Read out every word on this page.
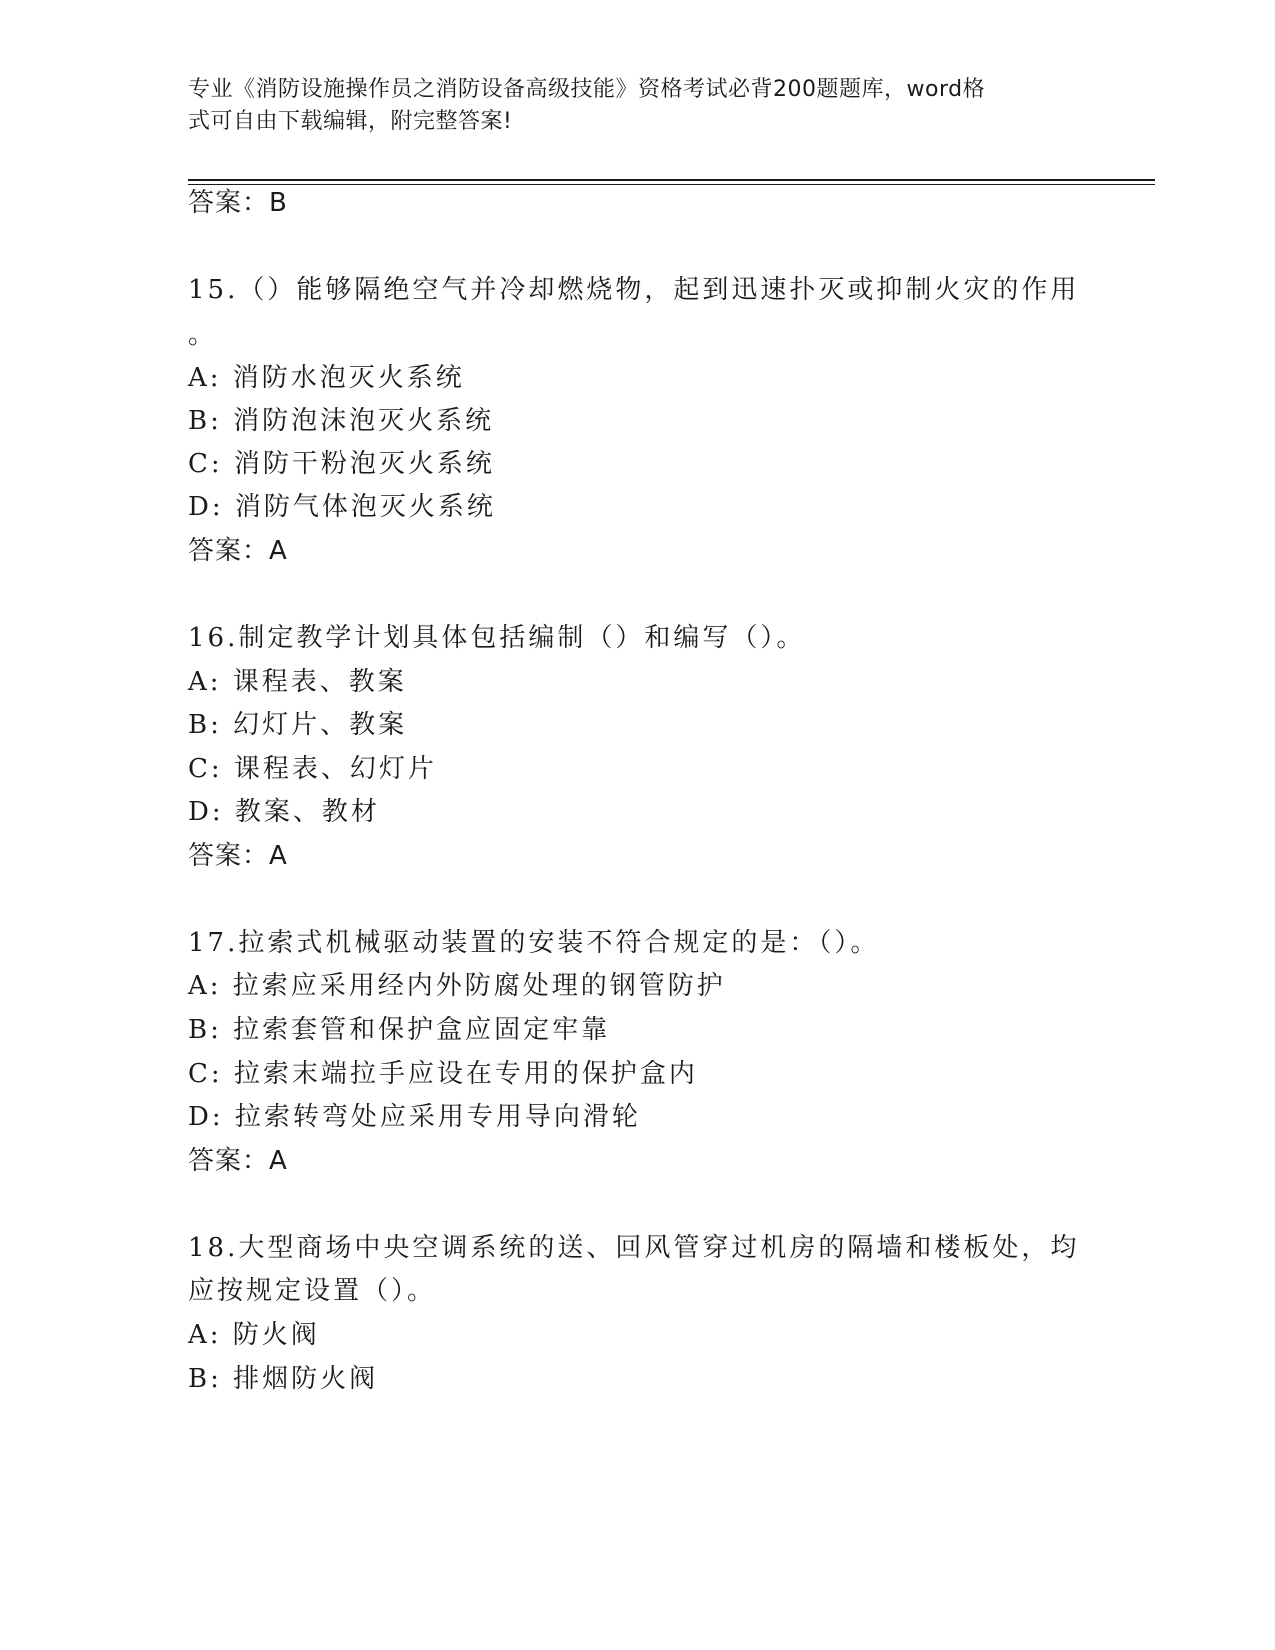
专业《消防设施操作员之消防设备高级技能》资格考试必背200题题库，word格
式可自由下载编辑，附完整答案!
答案：B
15.（）能够隔绝空气并冷却燃烧物，起到迅速扑灭或抑制火灾的作用
。
A: 消防水泡灭火系统
B: 消防泡沫泡灭火系统
C: 消防干粉泡灭火系统
D: 消防气体泡灭火系统
答案：A
16.制定教学计划具体包括编制（）和编写（）。
A: 课程表、教案
B: 幻灯片、教案
C: 课程表、幻灯片
D: 教案、教材
答案：A
17.拉索式机械驱动装置的安装不符合规定的是：（）。
A: 拉索应采用经内外防腐处理的钢管防护
B: 拉索套管和保护盒应固定牢靠
C: 拉索末端拉手应设在专用的保护盒内
D: 拉索转弯处应采用专用导向滑轮
答案：A
18.大型商场中央空调系统的送、回风管穿过机房的隔墙和楼板处，均
应按规定设置（）。
A: 防火阀
B: 排烟防火阀
